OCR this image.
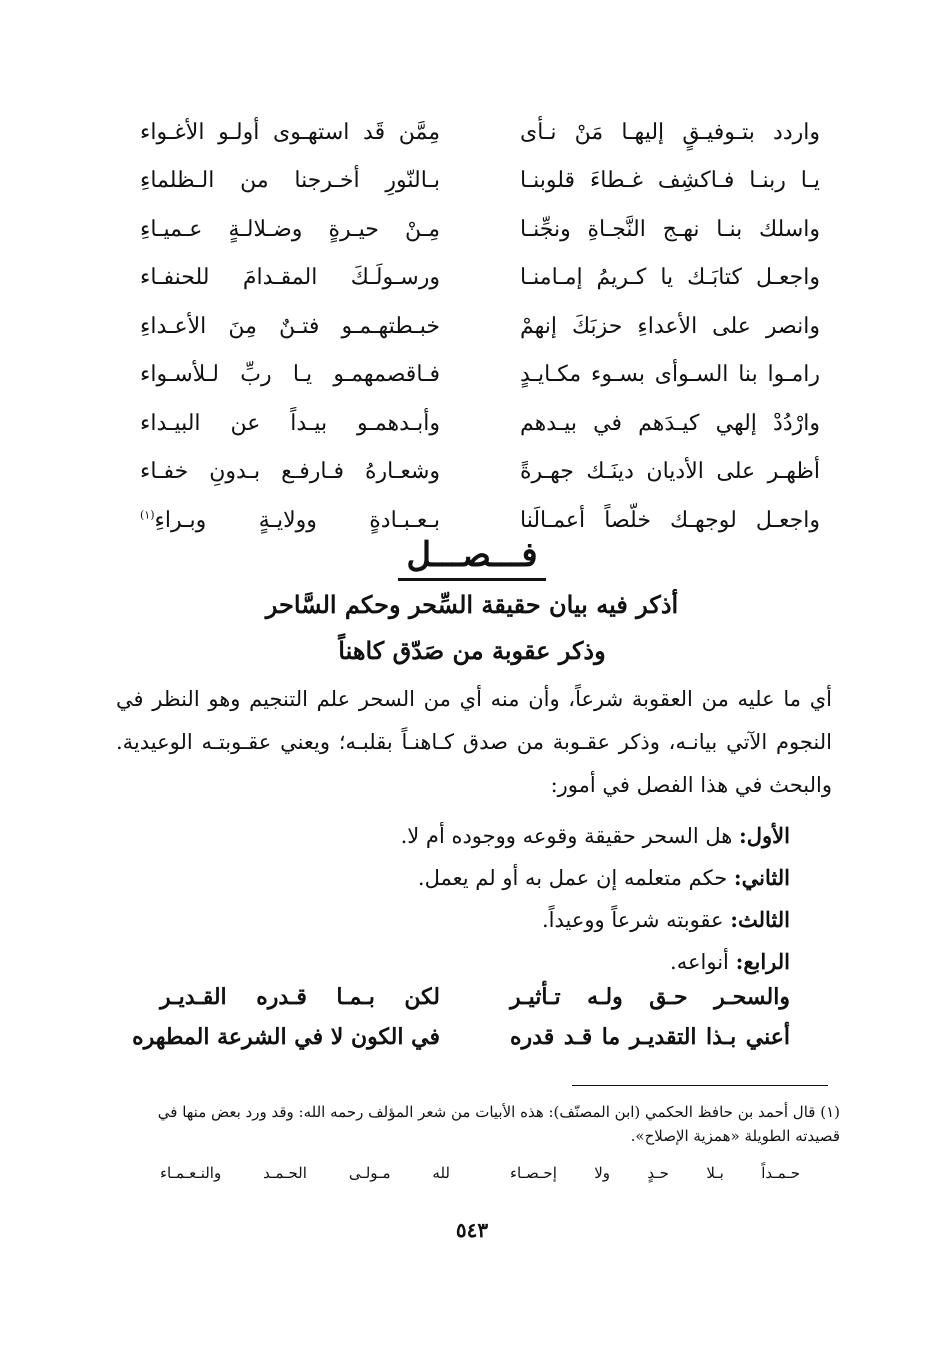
واردد بتـوفيـقٍ إليهـا مَنْ نـأى
مِمَّن قَد استهـوى أولـو الأغـواء
يـا ربنـا فـاكشِف غـطاءَ قلوبنـا
بـالنّورِ أخـرجنا من الـظلماءِ
واسلك بنـا نهـج النَّجـاةِ ونجِّنـا
مِـنْ حيـرةٍ وضـلالـةٍ عـميـاءِ
واجعـل كتابَـك يا كـريمُ إمـامنـا
ورسـولَـكَ المقـدامَ للحنفـاء
وانصر على الأعداءِ حزبَكَ إنهمْ
خبـطتهـمـو فتـنٌ مِنَ الأعـداءِ
رامـوا بنا السـوأى بسـوء مكـايـدٍ
فـاقصمهمـو يـا ربِّ لـلأسـواء
وارْدُدْ إلهي كيـدَهم في بيـدهم
وأبـدهمـو بيـداً عن البيـداء
أظهـر على الأديان دينَـك جهـرةً
وشعـارهُ فـارفـع بـدونِ خفـاء
واجعـل لوجهـك خلّصاً أعمـالَنا
بـعـبـادةٍ وولايـةٍ وبـراءِ$^{(١)}$
فـــصـــل
أذكر فيه بيان حقيقة السِّحر وحكم السَّاحر
وذكر عقوبة من صَدّق كاهناً
أي ما عليه من العقوبة شرعاً، وأن منه أي من السحر علم التنجيم وهو النظر في النجوم الآتي بيانـه، وذكر عقـوبة من صدق كـاهنـاً بقلبـه؛ ويعني عقـوبتـه الوعيدية. والبحث في هذا الفصل في أمور:
الأول: هل السحر حقيقة وقوعه ووجوده أم لا.
الثاني: حكم متعلمه إن عمل به أو لم يعمل.
الثالث: عقوبته شرعاً ووعيداً.
الرابع: أنواعه.
والسحـر حـق ولـه تـأثيـر
لكن بـمـا قـدره القـديـر
أعني بـذا التقديـر ما قـد قدره
في الكون لا في الشرعة المطهره
(١) قال أحمد بن حافظ الحكمي (ابن المصنّف): هذه الأبيات من شعر المؤلف رحمه الله: وقد ورد بعض منها في قصيدته الطويلة «همزية الإصلاح».
حـمـداً بـلا حـدٍ ولا إحـصـاء
لله مـولـى الحـمـد والنـعـمـاء
٥٤٣
